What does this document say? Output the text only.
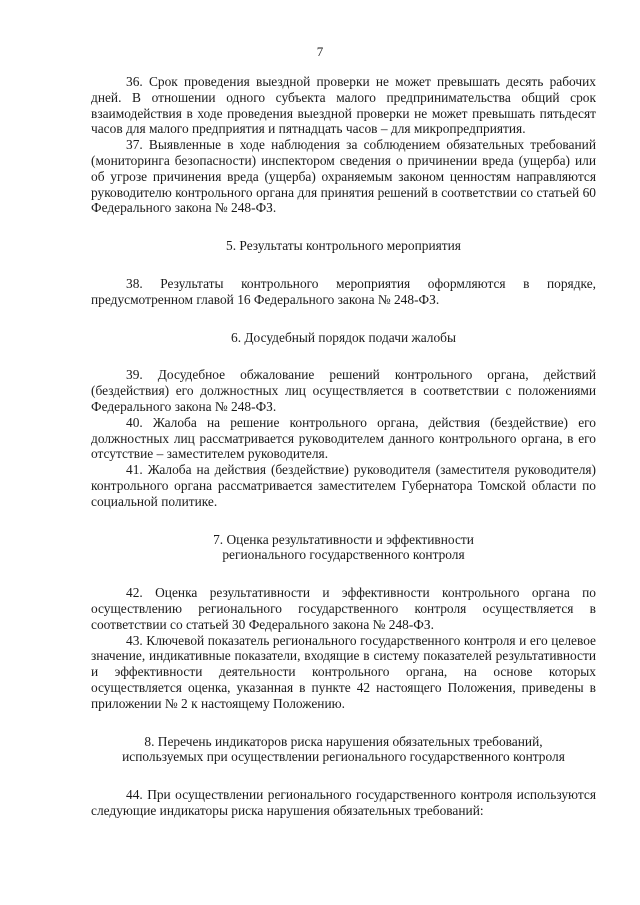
7

36. Срок проведения выездной проверки не может превышать десять рабочих дней. В отношении одного субъекта малого предпринимательства общий срок взаимодействия в ходе проведения выездной проверки не может превышать пятьдесят часов для малого предприятия и пятнадцать часов – для микропредприятия.

37. Выявленные в ходе наблюдения за соблюдением обязательных требований (мониторинга безопасности) инспектором сведения о причинении вреда (ущерба) или об угрозе причинения вреда (ущерба) охраняемым законом ценностям направляются руководителю контрольного органа для принятия решений в соответствии со статьей 60 Федерального закона № 248-ФЗ.

5. Результаты контрольного мероприятия

38. Результаты контрольного мероприятия оформляются в порядке, предусмотренном главой 16 Федерального закона № 248-ФЗ.

6. Досудебный порядок подачи жалобы

39. Досудебное обжалование решений контрольного органа, действий (бездействия) его должностных лиц осуществляется в соответствии с положениями Федерального закона № 248-ФЗ.

40. Жалоба на решение контрольного органа, действия (бездействие) его должностных лиц рассматривается руководителем данного контрольного органа, в его отсутствие – заместителем руководителя.

41. Жалоба на действия (бездействие) руководителя (заместителя руководителя) контрольного органа рассматривается заместителем Губернатора Томской области по социальной политике.

7. Оценка результативности и эффективности
регионального государственного контроля

42. Оценка результативности и эффективности контрольного органа по осуществлению регионального государственного контроля осуществляется в соответствии со статьей 30 Федерального закона № 248-ФЗ.

43. Ключевой показатель регионального государственного контроля и его целевое значение, индикативные показатели, входящие в систему показателей результативности и эффективности деятельности контрольного органа, на основе которых осуществляется оценка, указанная в пункте 42 настоящего Положения, приведены в приложении № 2 к настоящему Положению.

8. Перечень индикаторов риска нарушения обязательных требований,
используемых при осуществлении регионального государственного контроля

44. При осуществлении регионального государственного контроля используются следующие индикаторы риска нарушения обязательных требований:
